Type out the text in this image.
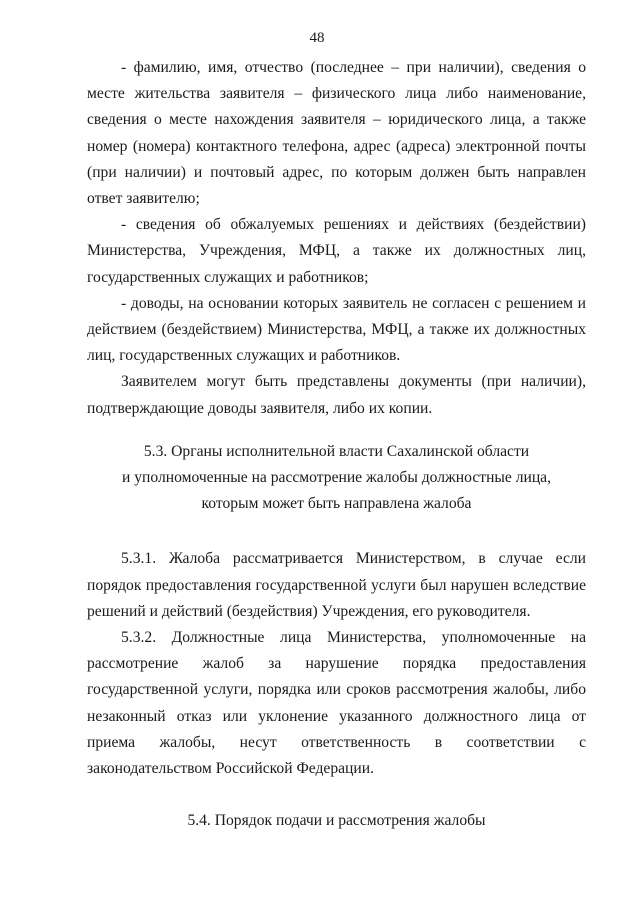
48

- фамилию, имя, отчество (последнее – при наличии), сведения о месте жительства заявителя – физического лица либо наименование, сведения о месте нахождения заявителя – юридического лица, а также номер (номера) контактного телефона, адрес (адреса) электронной почты (при наличии) и почтовый адрес, по которым должен быть направлен ответ заявителю;

- сведения об обжалуемых решениях и действиях (бездействии) Министерства, Учреждения, МФЦ, а также их должностных лиц, государственных служащих и работников;

- доводы, на основании которых заявитель не согласен с решением и действием (бездействием) Министерства, МФЦ, а также их должностных лиц, государственных служащих и работников.

Заявителем могут быть представлены документы (при наличии), подтверждающие доводы заявителя, либо их копии.

5.3. Органы исполнительной власти Сахалинской области
и уполномоченные на рассмотрение жалобы должностные лица,
которым может быть направлена жалоба

5.3.1. Жалоба рассматривается Министерством, в случае если порядок предоставления государственной услуги был нарушен вследствие решений и действий (бездействия) Учреждения, его руководителя.

5.3.2. Должностные лица Министерства, уполномоченные на рассмотрение жалоб за нарушение порядка предоставления государственной услуги, порядка или сроков рассмотрения жалобы, либо незаконный отказ или уклонение указанного должностного лица от приема жалобы, несут ответственность в соответствии с законодательством Российской Федерации.

5.4. Порядок подачи и рассмотрения жалобы
